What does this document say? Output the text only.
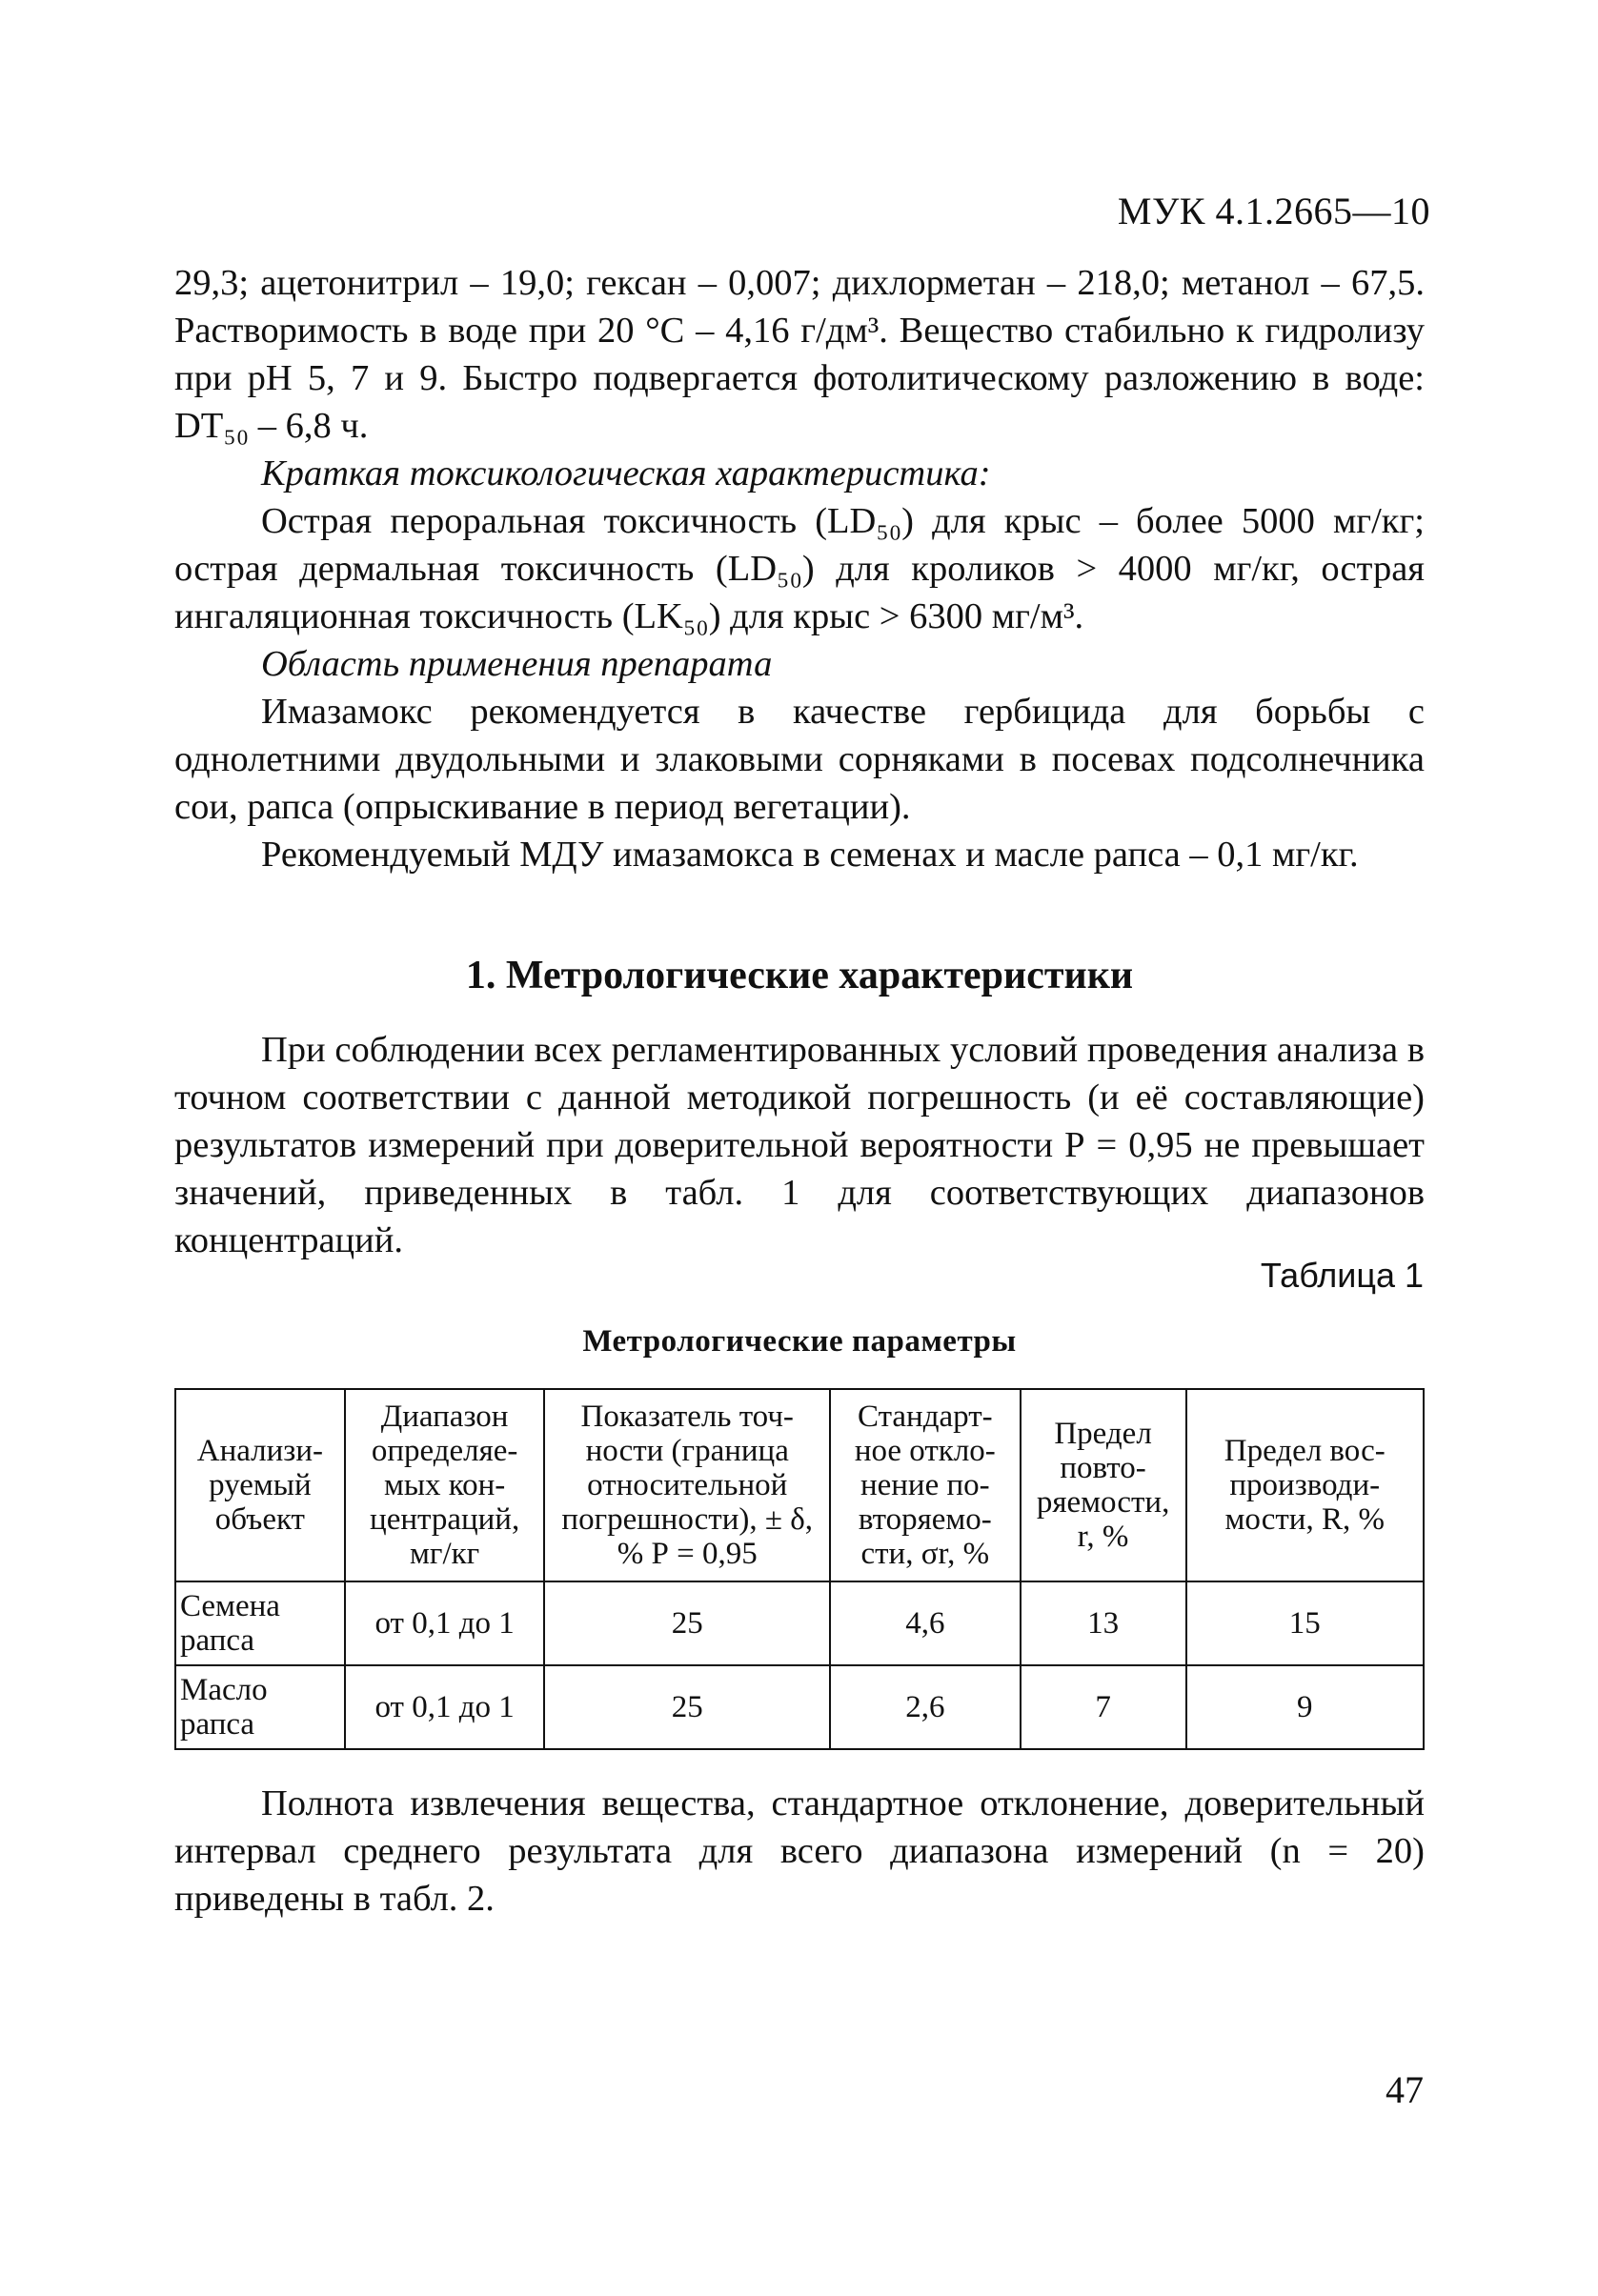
МУК 4.1.2665—10

29,3; ацетонитрил – 19,0; гексан – 0,007; дихлорметан – 218,0; метанол – 67,5. Растворимость в воде при 20 °С – 4,16 г/дм³. Вещество стабильно к гидролизу при рН 5, 7 и 9. Быстро подвергается фотолитическому разложению в воде: DT₅₀ – 6,8 ч.

Краткая токсикологическая характеристика:

Острая пероральная токсичность (LD₅₀) для крыс – более 5000 мг/кг; острая дермальная токсичность (LD₅₀) для кроликов > 4000 мг/кг, острая ингаляционная токсичность (LK₅₀) для крыс > 6300 мг/м³.

Область применения препарата

Имазамокс рекомендуется в качестве гербицида для борьбы с однолетними двудольными и злаковыми сорняками в посевах подсолнечника сои, рапса (опрыскивание в период вегетации).

Рекомендуемый МДУ имазамокса в семенах и масле рапса – 0,1 мг/кг.

1. Метрологические характеристики

При соблюдении всех регламентированных условий проведения анализа в точном соответствии с данной методикой погрешность (и её составляющие) результатов измерений при доверительной вероятности Р = 0,95 не превышает значений, приведенных в табл. 1 для соответствующих диапазонов концентраций.

Таблица 1
Метрологические параметры
Анализи-руемый объект	Диапазон определяе-мых кон-центраций, мг/кг	Показатель точ-ности (граница относительной погрешности), ± δ, % Р = 0,95	Стандарт-ное откло-нение по-вторяемо-сти, σr, %	Предел повто-ряемости, r, %	Предел вос-производи-мости, R, %
Семена рапса	от 0,1 до 1	25	4,6	13	15
Масло рапса	от 0,1 до 1	25	2,6	7	9

Полнота извлечения вещества, стандартное отклонение, доверительный интервал среднего результата для всего диапазона измерений (n = 20) приведены в табл. 2.

47
